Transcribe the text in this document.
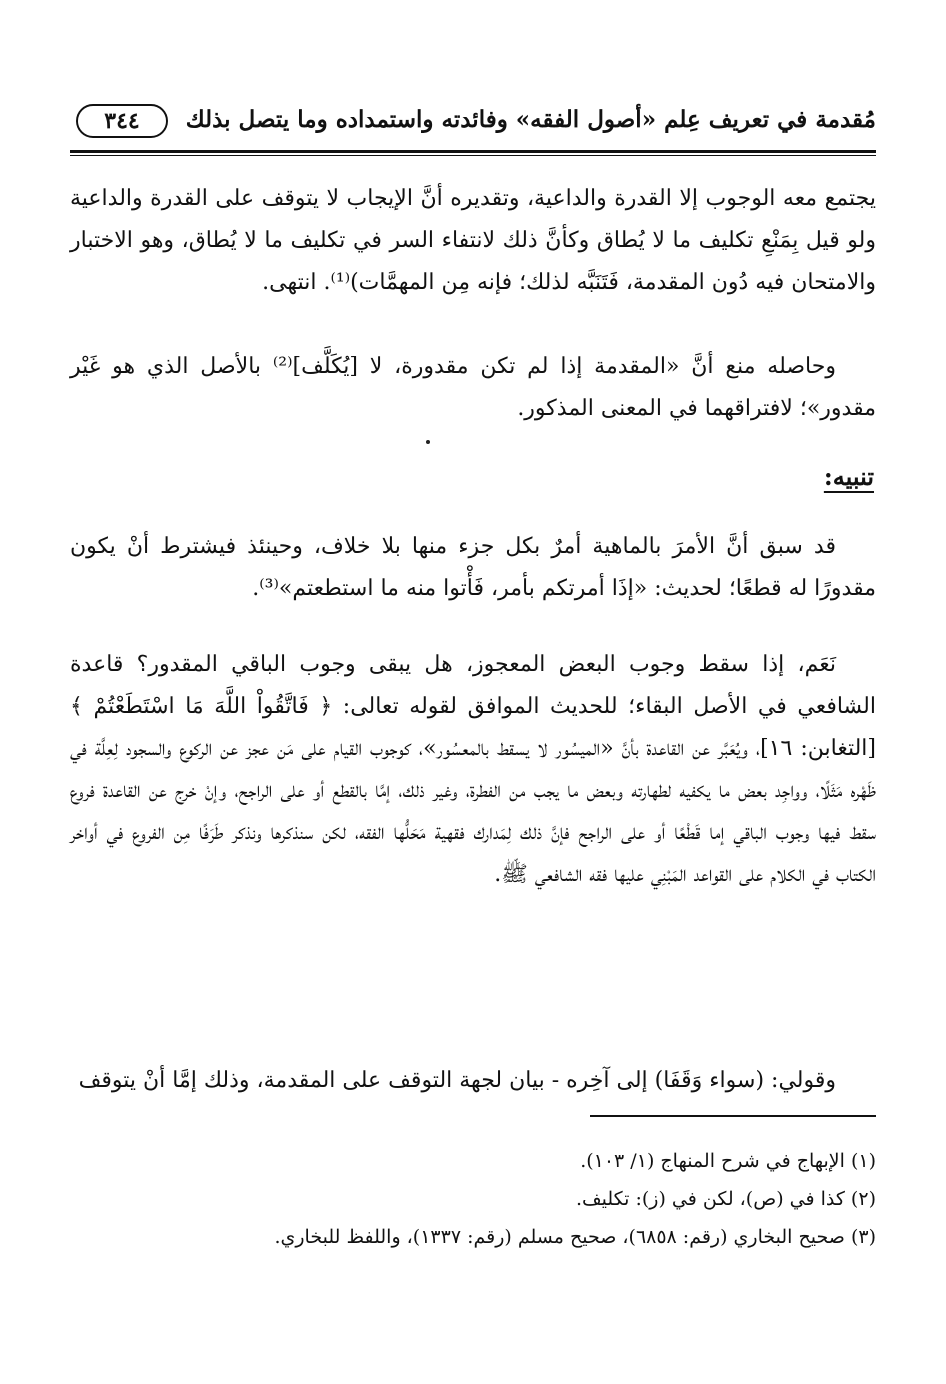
مُقدمة في تعريف عِلم «أصول الفقه» وفائدته واستمداده وما يتصل بذلك
٣٤٤

يجتمع معه الوجوب إلا القدرة والداعية، وتقديره أنَّ الإيجاب لا يتوقف على القدرة والداعية ولو قيل بِمَنْعِ تكليف ما لا يُطاق وكأنَّ ذلك لانتفاء السر في تكليف ما لا يُطاق، وهو الاختبار والامتحان فيه دُون المقدمة، فَتَنَبَّه لذلك؛ فإنه مِن المهمَّات)⁽¹⁾. انتهى.

وحاصله منع أنَّ «المقدمة إذا لم تكن مقدورة، لا [يُكَلَّف]⁽²⁾ بالأصل الذي هو غَيْر مقدور»؛ لافتراقهما في المعنى المذكور.

تنبيه:

قد سبق أنَّ الأمرَ بالماهية أمرٌ بكل جزء منها بلا خلاف، وحينئذ فيشترط أنْ يكون مقدورًا له قطعًا؛ لحديث: «إذَا أمرتكم بأمر، فَأْتوا منه ما استطعتم»⁽³⁾.

نَعَم، إذا سقط وجوب البعض المعجوز، هل يبقى وجوب الباقي المقدور؟ قاعدة الشافعي في الأصل البقاء؛ للحديث الموافق لقوله تعالى: ﴿ فَاتَّقُواْ اللَّهَ مَا اسْتَطَعْتُمْ ﴾ [التغابن: ١٦]، ويُعَبَّر عن القاعدة بأنَّ «الميسُور لا يسقط بالمعسُور»، كوجوب القيام على مَن عجز عن الركوع والسجود لِعِلَّة في ظَهْره مَثَلًا، وواجِد بعض ما يكفيه لطهارته وبعض ما يجب من الفطرة، وغير ذلك، إمَّا بالقطع أو على الراجح، وإنْ خرج عن القاعدة فروع سقط فيها وجوب الباقي إما قَطْعًا أو على الراجح فإنَّ ذلك لِمَدارك فقهية مَحَلُّها الفقه، لكن سنذكرها ونذكر طَرَفًا مِن الفروع في أواخر الكتاب في الكلام على القواعد المَبْنِي عليها فقه الشافعي ﷺ.

وقولي: (سواء وَقَفَا) إلى آخِره - بيان لجهة التوقف على المقدمة، وذلك إمَّا أنْ يتوقف

(١) الإبهاج في شرح المنهاج (١/ ١٠٣).

(٢) كذا في (ص)، لكن في (ز): تكليف.

(٣) صحيح البخاري (رقم: ٦٨٥٨)، صحيح مسلم (رقم: ١٣٣٧)، واللفظ للبخاري.
